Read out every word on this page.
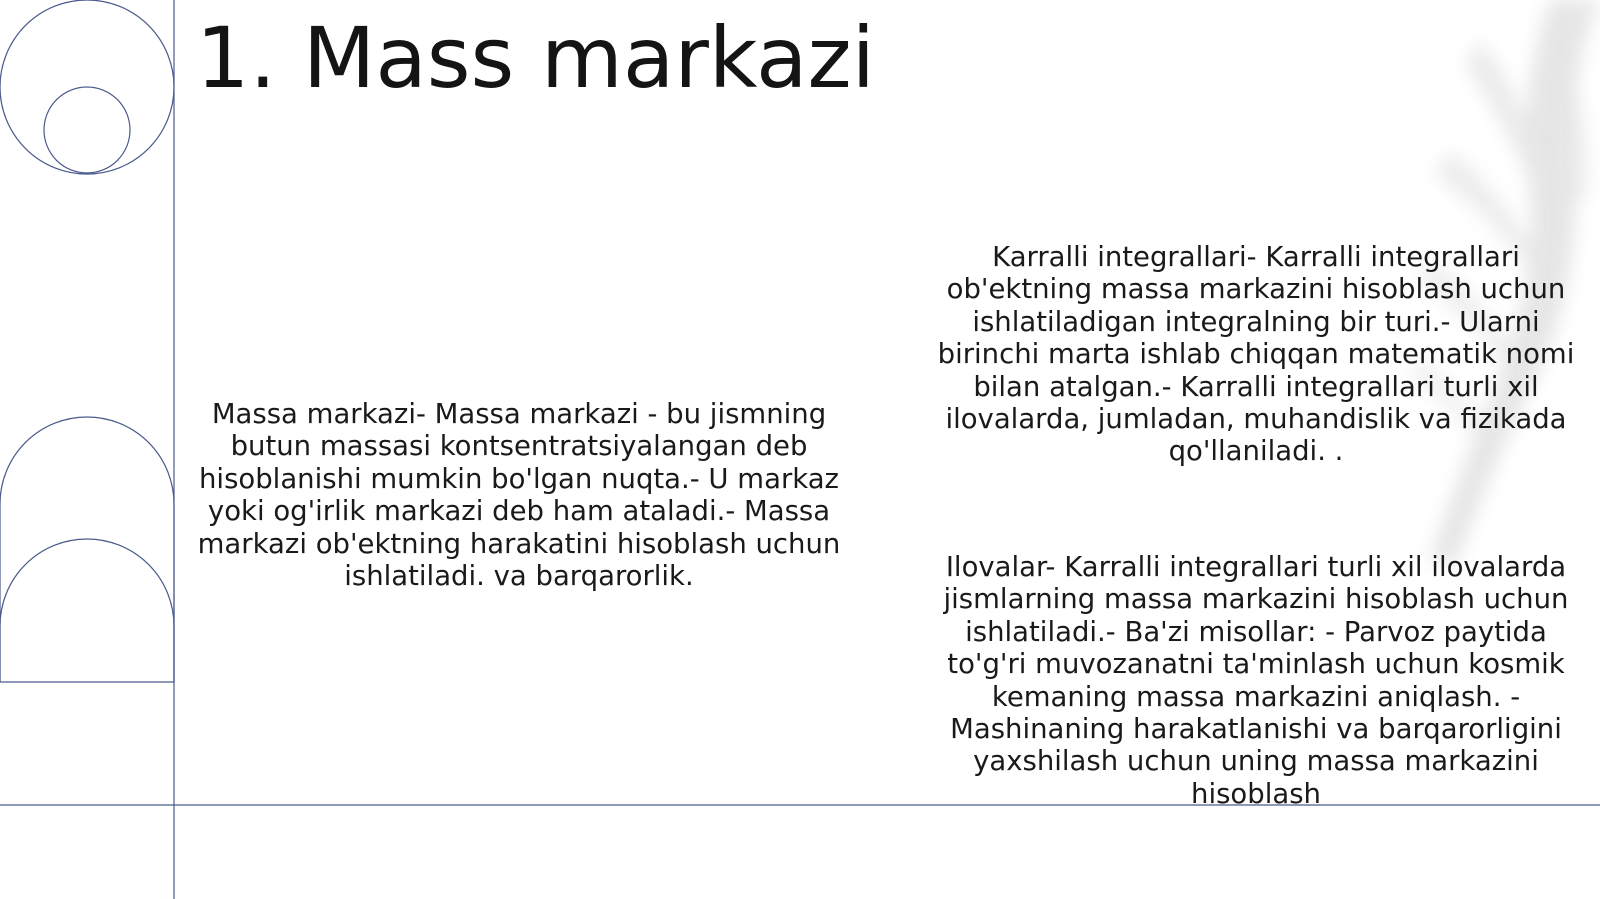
1. Mass markazi

Massa markazi- Massa markazi - bu jismning butun massasi kontsentratsiyalangan deb hisoblanishi mumkin bo'lgan nuqta.- U markaz yoki og'irlik markazi deb ham ataladi.- Massa markazi ob'ektning harakatini hisoblash uchun ishlatiladi. va barqarorlik.

Karralli integrallari- Karralli integrallari ob'ektning massa markazini hisoblash uchun ishlatiladigan integralning bir turi.- Ularni birinchi marta ishlab chiqqan matematik nomi bilan atalgan.- Karralli integrallari turli xil ilovalarda, jumladan, muhandislik va fizikada qo'llaniladi. .

Ilovalar- Karralli integrallari turli xil ilovalarda jismlarning massa markazini hisoblash uchun ishlatiladi.- Ba'zi misollar: - Parvoz paytida to'g'ri muvozanatni ta'minlash uchun kosmik kemaning massa markazini aniqlash. - Mashinaning harakatlanishi va barqarorligini yaxshilash uchun uning massa markazini hisoblash
